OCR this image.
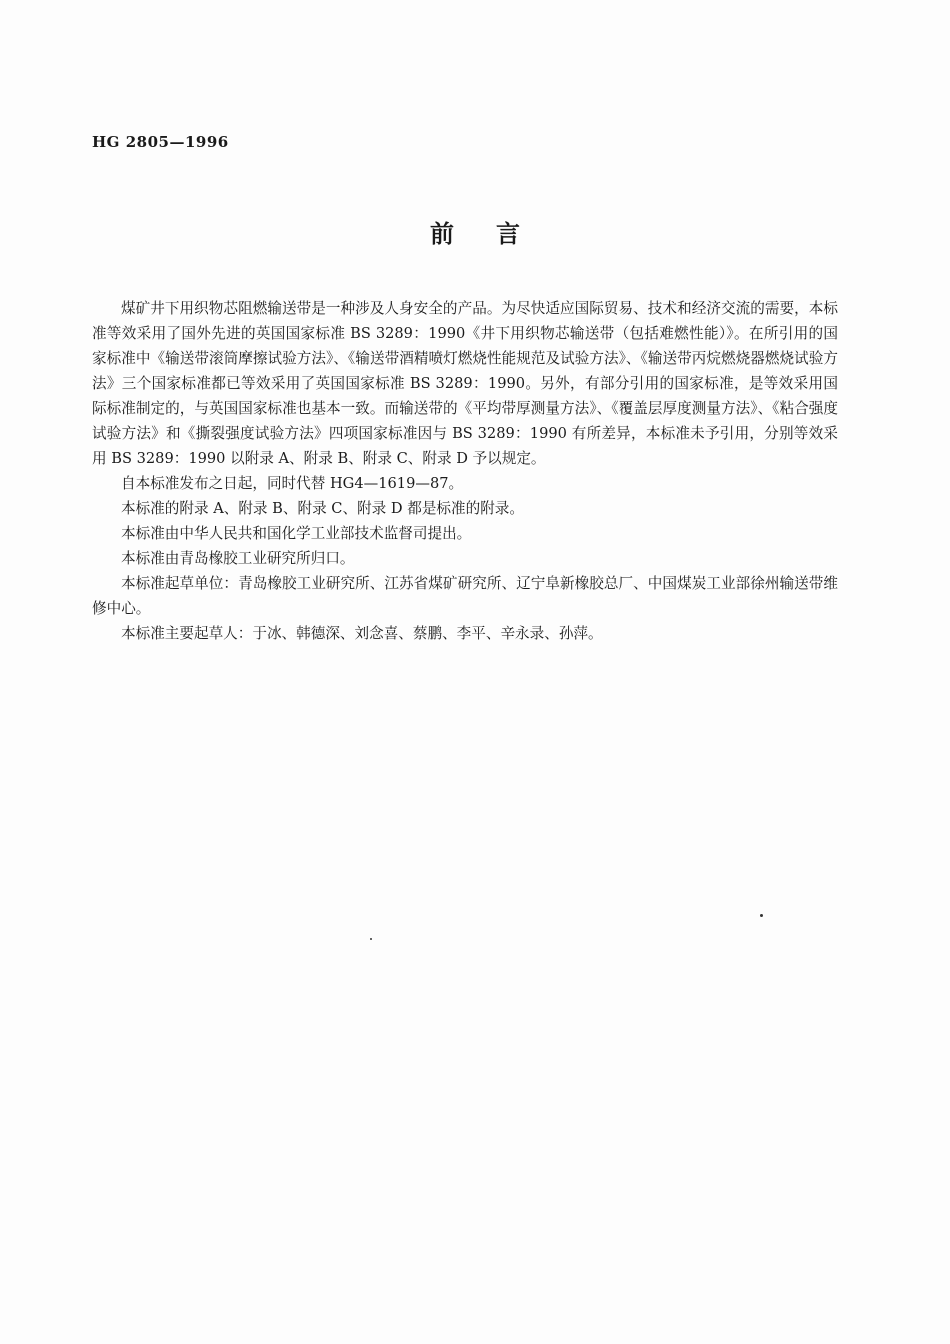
HG 2805—1996
前言

煤矿井下用织物芯阻燃输送带是一种涉及人身安全的产品。为尽快适应国际贸易、技术和经济交流的需要，本标准等效采用了国外先进的英国国家标准 BS 3289：1990《井下用织物芯输送带（包括难燃性能）》。在所引用的国家标准中《输送带滚筒摩擦试验方法》、《输送带酒精喷灯燃烧性能规范及试验方法》、《输送带丙烷燃烧器燃烧试验方法》三个国家标准都已等效采用了英国国家标准 BS 3289：1990。另外，有部分引用的国家标准，是等效采用国际标准制定的，与英国国家标准也基本一致。而输送带的《平均带厚测量方法》、《覆盖层厚度测量方法》、《粘合强度试验方法》和《撕裂强度试验方法》四项国家标准因与 BS 3289：1990 有所差异，本标准未予引用，分别等效采用 BS 3289：1990 以附录 A、附录 B、附录 C、附录 D 予以规定。

自本标准发布之日起，同时代替 HG4—1619—87。

本标准的附录 A、附录 B、附录 C、附录 D 都是标准的附录。

本标准由中华人民共和国化学工业部技术监督司提出。

本标准由青岛橡胶工业研究所归口。

本标准起草单位：青岛橡胶工业研究所、江苏省煤矿研究所、辽宁阜新橡胶总厂、中国煤炭工业部徐州输送带维修中心。

本标准主要起草人：于冰、韩德深、刘念喜、蔡鹏、李平、辛永录、孙萍。
